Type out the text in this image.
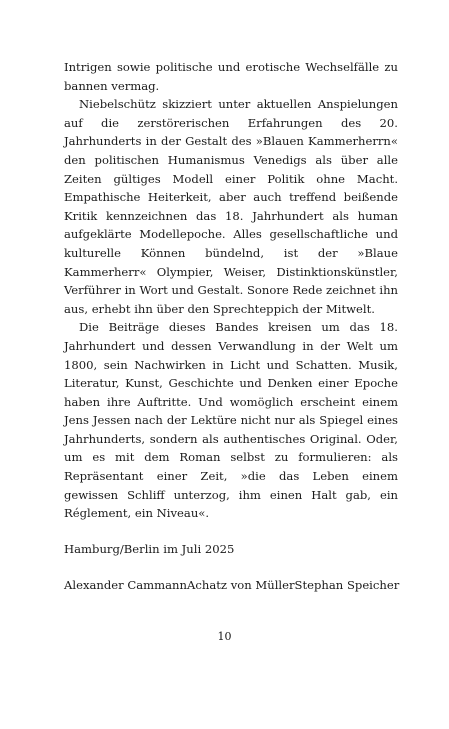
Intrigen sowie politische und erotische Wechselfälle zu bannen vermag.

Niebelschütz skizziert unter aktuellen Anspielungen auf die zerstörerischen Erfahrungen des 20. Jahrhunderts in der Gestalt des »Blauen Kammerherrn« den politischen Humanismus Venedigs als über alle Zeiten gültiges Modell einer Politik ohne Macht. Empathische Heiterkeit, aber auch treffend beißende Kritik kennzeichnen das 18. Jahrhundert als human aufgeklärte Modellepoche. Alles gesellschaftliche und kulturelle Können bündelnd, ist der »Blaue Kammerherr« Olympier, Weiser, Distinktionskünstler, Verführer in Wort und Gestalt. Sonore Rede zeichnet ihn aus, erhebt ihn über den Sprechteppich der Mitwelt.

Die Beiträge dieses Bandes kreisen um das 18. Jahrhundert und dessen Verwandlung in der Welt um 1800, sein Nachwirken in Licht und Schatten. Musik, Literatur, Kunst, Geschichte und Denken einer Epoche haben ihre Auftritte. Und womöglich erscheint einem Jens Jessen nach der Lektüre nicht nur als Spiegel eines Jahrhunderts, sondern als authentisches Original. Oder, um es mit dem Roman selbst zu formulieren: als Repräsentant einer Zeit, »die das Leben einem gewissen Schliff unterzog, ihm einen Halt gab, ein Réglement, ein Niveau«.

Hamburg/Berlin im Juli 2025

Alexander Cammann Achatz von Müller Stephan Speicher
10
